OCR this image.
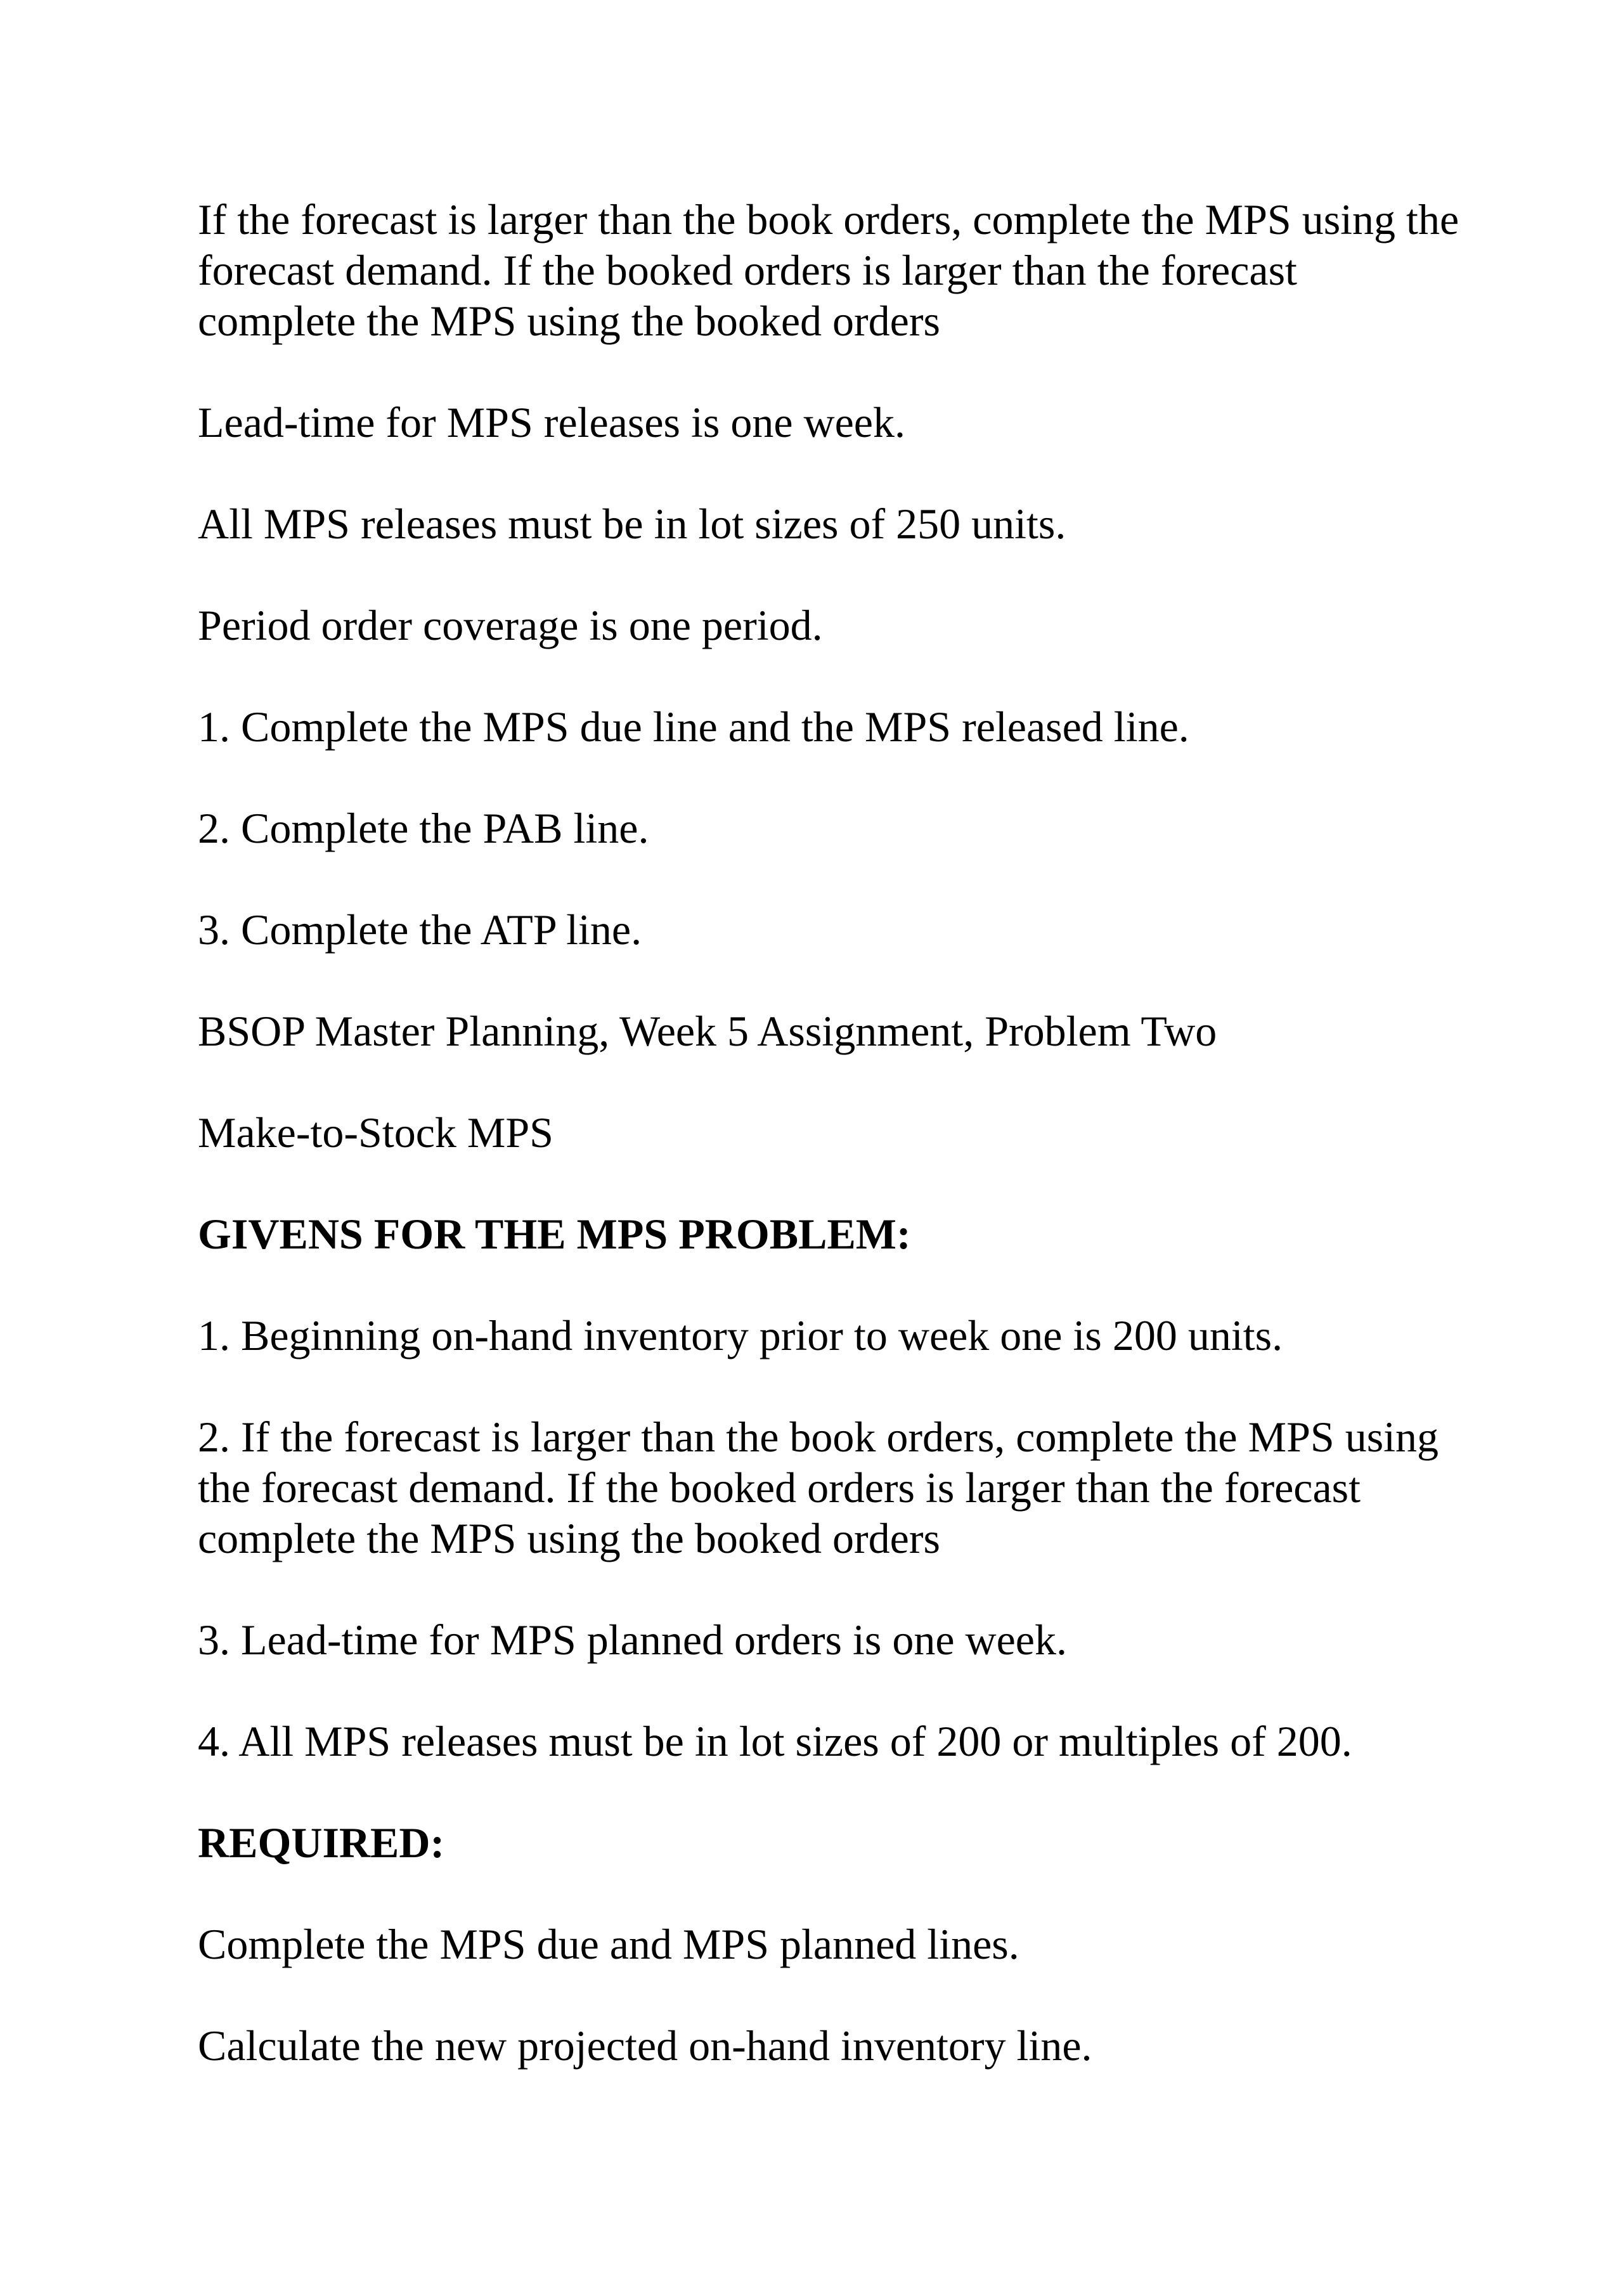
If the forecast is larger than the book orders, complete the MPS using the forecast demand. If the booked orders is larger than the forecast complete the MPS using the booked orders

Lead-time for MPS releases is one week.

All MPS releases must be in lot sizes of 250 units.

Period order coverage is one period.

1. Complete the MPS due line and the MPS released line.

2. Complete the PAB line.

3. Complete the ATP line.

BSOP Master Planning, Week 5 Assignment, Problem Two

Make-to-Stock MPS

GIVENS FOR THE MPS PROBLEM:

1. Beginning on-hand inventory prior to week one is 200 units.

2. If the forecast is larger than the book orders, complete the MPS using the forecast demand. If the booked orders is larger than the forecast complete the MPS using the booked orders

3. Lead-time for MPS planned orders is one week.

4. All MPS releases must be in lot sizes of 200 or multiples of 200.

REQUIRED:

Complete the MPS due and MPS planned lines.

Calculate the new projected on-hand inventory line.
